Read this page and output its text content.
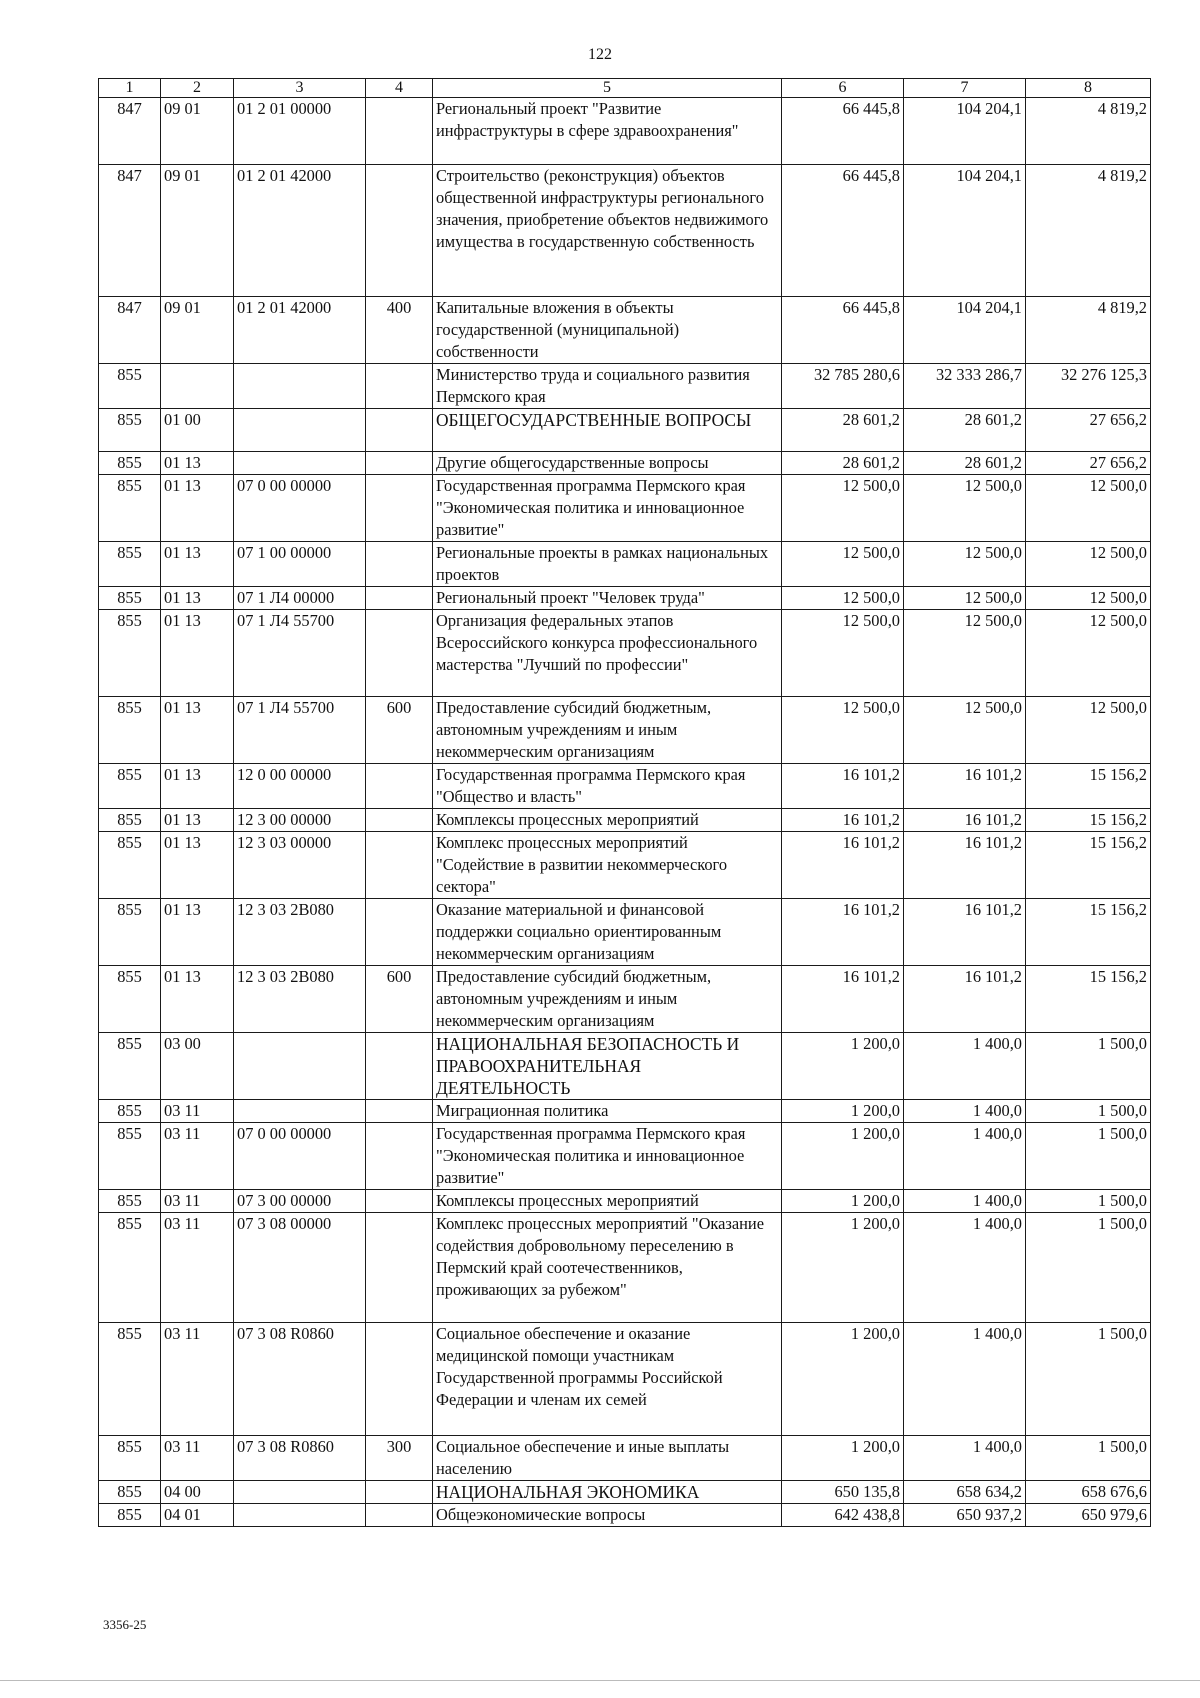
122
1	2	3	4	5	6	7	8
847	09 01	01 2 01 00000		Региональный проект "Развитие инфраструктуры в сфере здравоохранения"	66 445,8	104 204,1	4 819,2
847	09 01	01 2 01 42000		Строительство (реконструкция) объектов общественной инфраструктуры регионального значения, приобретение объектов недвижимого имущества в государственную собственность	66 445,8	104 204,1	4 819,2
847	09 01	01 2 01 42000	400	Капитальные вложения в объекты государственной (муниципальной) собственности	66 445,8	104 204,1	4 819,2
855				Министерство труда и социального развития Пермского края	32 785 280,6	32 333 286,7	32 276 125,3
855	01 00			ОБЩЕГОСУДАРСТВЕННЫЕ ВОПРОСЫ	28 601,2	28 601,2	27 656,2
855	01 13			Другие общегосударственные вопросы	28 601,2	28 601,2	27 656,2
855	01 13	07 0 00 00000		Государственная программа Пермского края "Экономическая политика и инновационное развитие"	12 500,0	12 500,0	12 500,0
855	01 13	07 1 00 00000		Региональные проекты в рамках национальных проектов	12 500,0	12 500,0	12 500,0
855	01 13	07 1 Л4 00000		Региональный проект "Человек труда"	12 500,0	12 500,0	12 500,0
855	01 13	07 1 Л4 55700		Организация федеральных этапов Всероссийского конкурса профессионального мастерства "Лучший по профессии"	12 500,0	12 500,0	12 500,0
855	01 13	07 1 Л4 55700	600	Предоставление субсидий бюджетным, автономным учреждениям и иным некоммерческим организациям	12 500,0	12 500,0	12 500,0
855	01 13	12 0 00 00000		Государственная программа Пермского края "Общество и власть"	16 101,2	16 101,2	15 156,2
855	01 13	12 3 00 00000		Комплексы процессных мероприятий	16 101,2	16 101,2	15 156,2
855	01 13	12 3 03 00000		Комплекс процессных мероприятий "Содействие в развитии некоммерческого сектора"	16 101,2	16 101,2	15 156,2
855	01 13	12 3 03 2В080		Оказание материальной и финансовой поддержки социально ориентированным некоммерческим организациям	16 101,2	16 101,2	15 156,2
855	01 13	12 3 03 2В080	600	Предоставление субсидий бюджетным, автономным учреждениям и иным некоммерческим организациям	16 101,2	16 101,2	15 156,2
855	03 00			НАЦИОНАЛЬНАЯ БЕЗОПАСНОСТЬ И ПРАВООХРАНИТЕЛЬНАЯ ДЕЯТЕЛЬНОСТЬ	1 200,0	1 400,0	1 500,0
855	03 11			Миграционная политика	1 200,0	1 400,0	1 500,0
855	03 11	07 0 00 00000		Государственная программа Пермского края "Экономическая политика и инновационное развитие"	1 200,0	1 400,0	1 500,0
855	03 11	07 3 00 00000		Комплексы процессных мероприятий	1 200,0	1 400,0	1 500,0
855	03 11	07 3 08 00000		Комплекс процессных мероприятий "Оказание содействия добровольному переселению в Пермский край соотечественников, проживающих за рубежом"	1 200,0	1 400,0	1 500,0
855	03 11	07 3 08 R0860		Социальное обеспечение и оказание медицинской помощи участникам Государственной программы Российской Федерации и членам их семей	1 200,0	1 400,0	1 500,0
855	03 11	07 3 08 R0860	300	Социальное обеспечение и иные выплаты населению	1 200,0	1 400,0	1 500,0
855	04 00			НАЦИОНАЛЬНАЯ ЭКОНОМИКА	650 135,8	658 634,2	658 676,6
855	04 01			Общеэкономические вопросы	642 438,8	650 937,2	650 979,6
3356-25
